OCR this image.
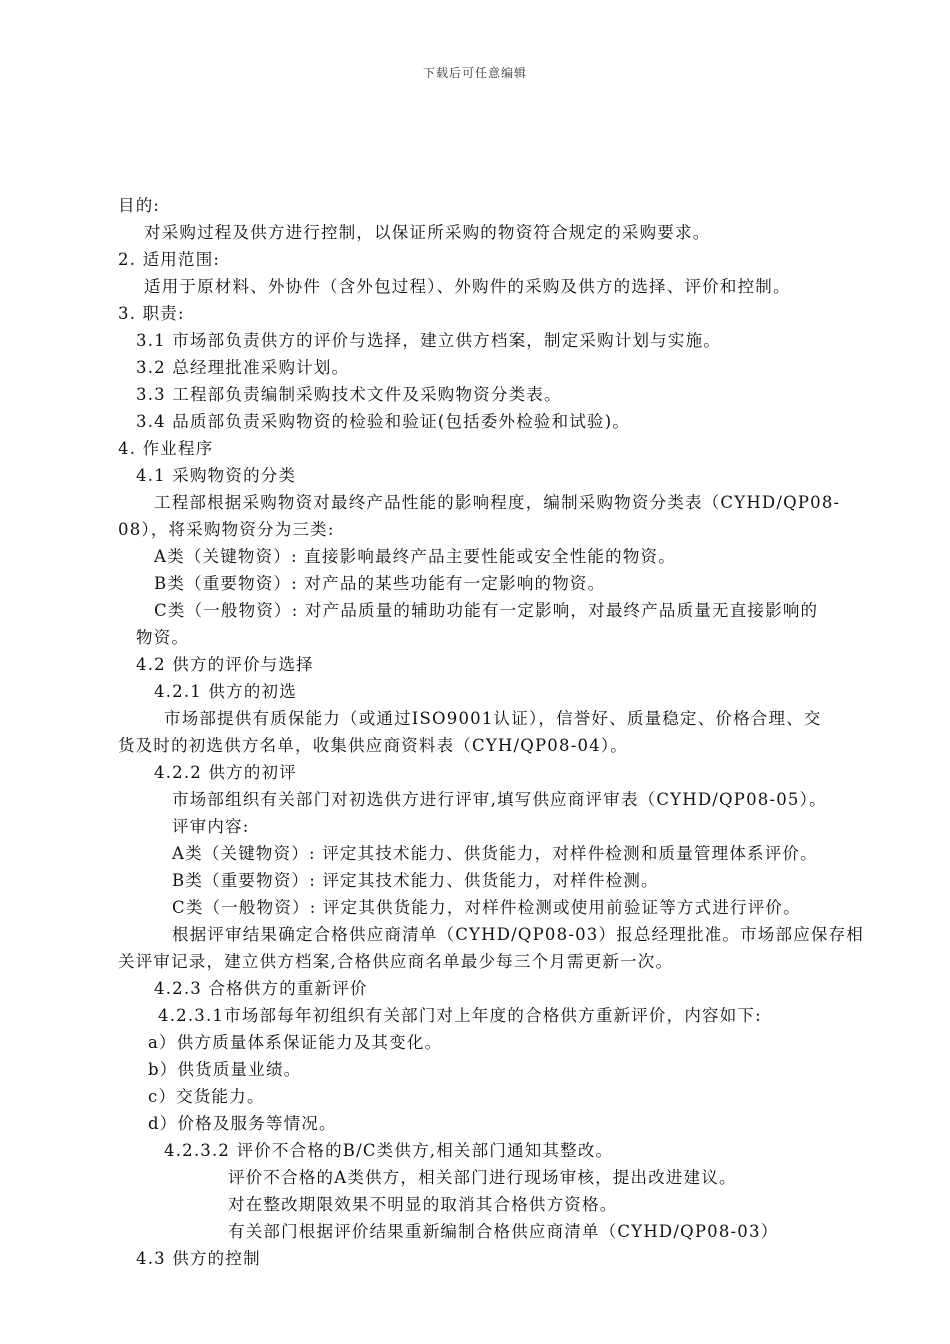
下载后可任意编辑
目的:
对采购过程及供方进行控制，以保证所采购的物资符合规定的采购要求。
2. 适用范围:
适用于原材料、外协件（含外包过程）、外购件的采购及供方的选择、评价和控制。
3. 职责:
3.1 市场部负责供方的评价与选择，建立供方档案，制定采购计划与实施。
3.2 总经理批准采购计划。
3.3 工程部负责编制采购技术文件及采购物资分类表。
3.4 品质部负责采购物资的检验和验证(包括委外检验和试验)。
4. 作业程序
4.1 采购物资的分类
工程部根据采购物资对最终产品性能的影响程度，编制采购物资分类表（CYHD/QP08-
08），将采购物资分为三类:
A类（关键物资）: 直接影响最终产品主要性能或安全性能的物资。
B类（重要物资）: 对产品的某些功能有一定影响的物资。
C类（一般物资）: 对产品质量的辅助功能有一定影响，对最终产品质量无直接影响的
物资。
4.2 供方的评价与选择
4.2.1 供方的初选
市场部提供有质保能力（或通过ISO9001认证），信誉好、质量稳定、价格合理、交
货及时的初选供方名单，收集供应商资料表（CYH/QP08-04）。
4.2.2 供方的初评
市场部组织有关部门对初选供方进行评审,填写供应商评审表（CYHD/QP08-05）。
评审内容:
A类（关键物资）: 评定其技术能力、供货能力，对样件检测和质量管理体系评价。
B类（重要物资）: 评定其技术能力、供货能力，对样件检测。
C类（一般物资）: 评定其供货能力，对样件检测或使用前验证等方式进行评价。
根据评审结果确定合格供应商清单（CYHD/QP08-03）报总经理批准。市场部应保存相
关评审记录，建立供方档案,合格供应商名单最少每三个月需更新一次。
4.2.3 合格供方的重新评价
4.2.3.1市场部每年初组织有关部门对上年度的合格供方重新评价，内容如下:
a）供方质量体系保证能力及其变化。
b）供货质量业绩。
c）交货能力。
d）价格及服务等情况。
4.2.3.2 评价不合格的B/C类供方,相关部门通知其整改。
评价不合格的A类供方，相关部门进行现场审核，提出改进建议。
对在整改期限效果不明显的取消其合格供方资格。
有关部门根据评价结果重新编制合格供应商清单（CYHD/QP08-03）
4.3 供方的控制
